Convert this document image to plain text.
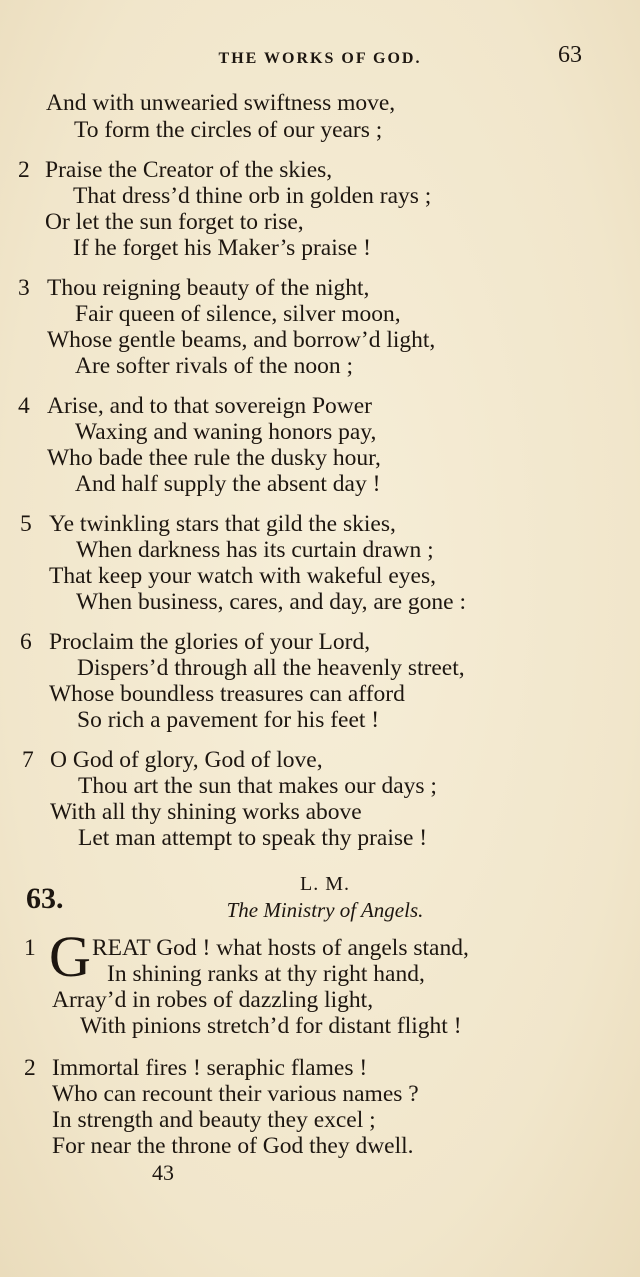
THE WORKS OF GOD.	63
And with unwearied swiftness move,
To form the circles of our years ;
2 Praise the Creator of the skies,
That dress’d thine orb in golden rays ;
Or let the sun forget to rise,
If he forget his Maker’s praise !
3 Thou reigning beauty of the night,
Fair queen of silence, silver moon,
Whose gentle beams, and borrow’d light,
Are softer rivals of the noon ;
4 Arise, and to that sovereign Power
Waxing and waning honors pay,
Who bade thee rule the dusky hour,
And half supply the absent day !
5 Ye twinkling stars that gild the skies,
When darkness has its curtain drawn ;
That keep your watch with wakeful eyes,
When business, cares, and day, are gone :
6 Proclaim the glories of your Lord,
Dispers’d through all the heavenly street,
Whose boundless treasures can afford
So rich a pavement for his feet !
7 O God of glory, God of love,
Thou art the sun that makes our days ;
With all thy shining works above
Let man attempt to speak thy praise !
L. M.
63.	The Ministry of Angels.
1 G REAT God ! what hosts of angels stand,
In shining ranks at thy right hand,
Array’d in robes of dazzling light,
With pinions stretch’d for distant flight !
2 Immortal fires ! seraphic flames !
Who can recount their various names ?
In strength and beauty they excel ;
For near the throne of God they dwell.
43
